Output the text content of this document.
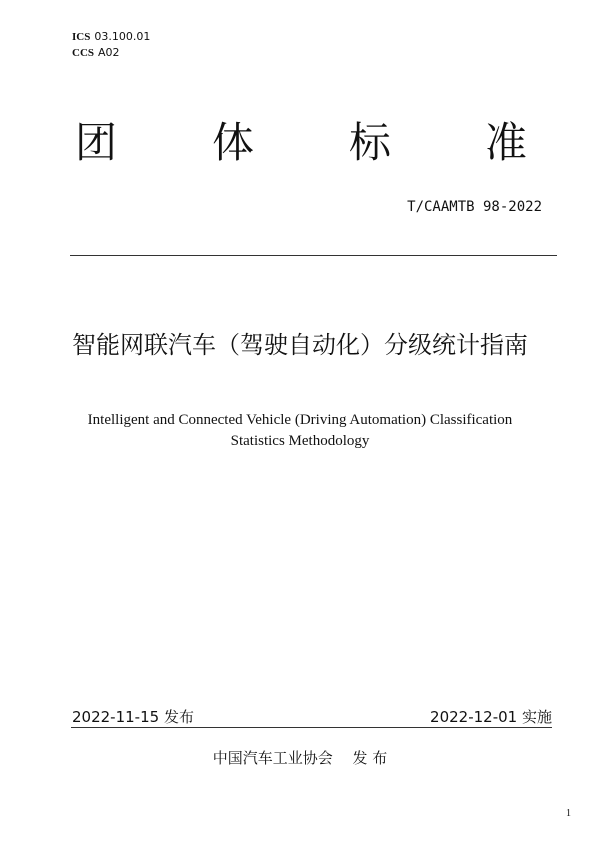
ICS 03.100.01
CCS A02
团 体 标 准
T/CAAMTB 98-2022
智能网联汽车（驾驶自动化）分级统计指南
Intelligent and Connected Vehicle (Driving Automation) Classification Statistics Methodology
2022-11-15 发布	2022-12-01 实施
中国汽车工业协会　 发 布
1
